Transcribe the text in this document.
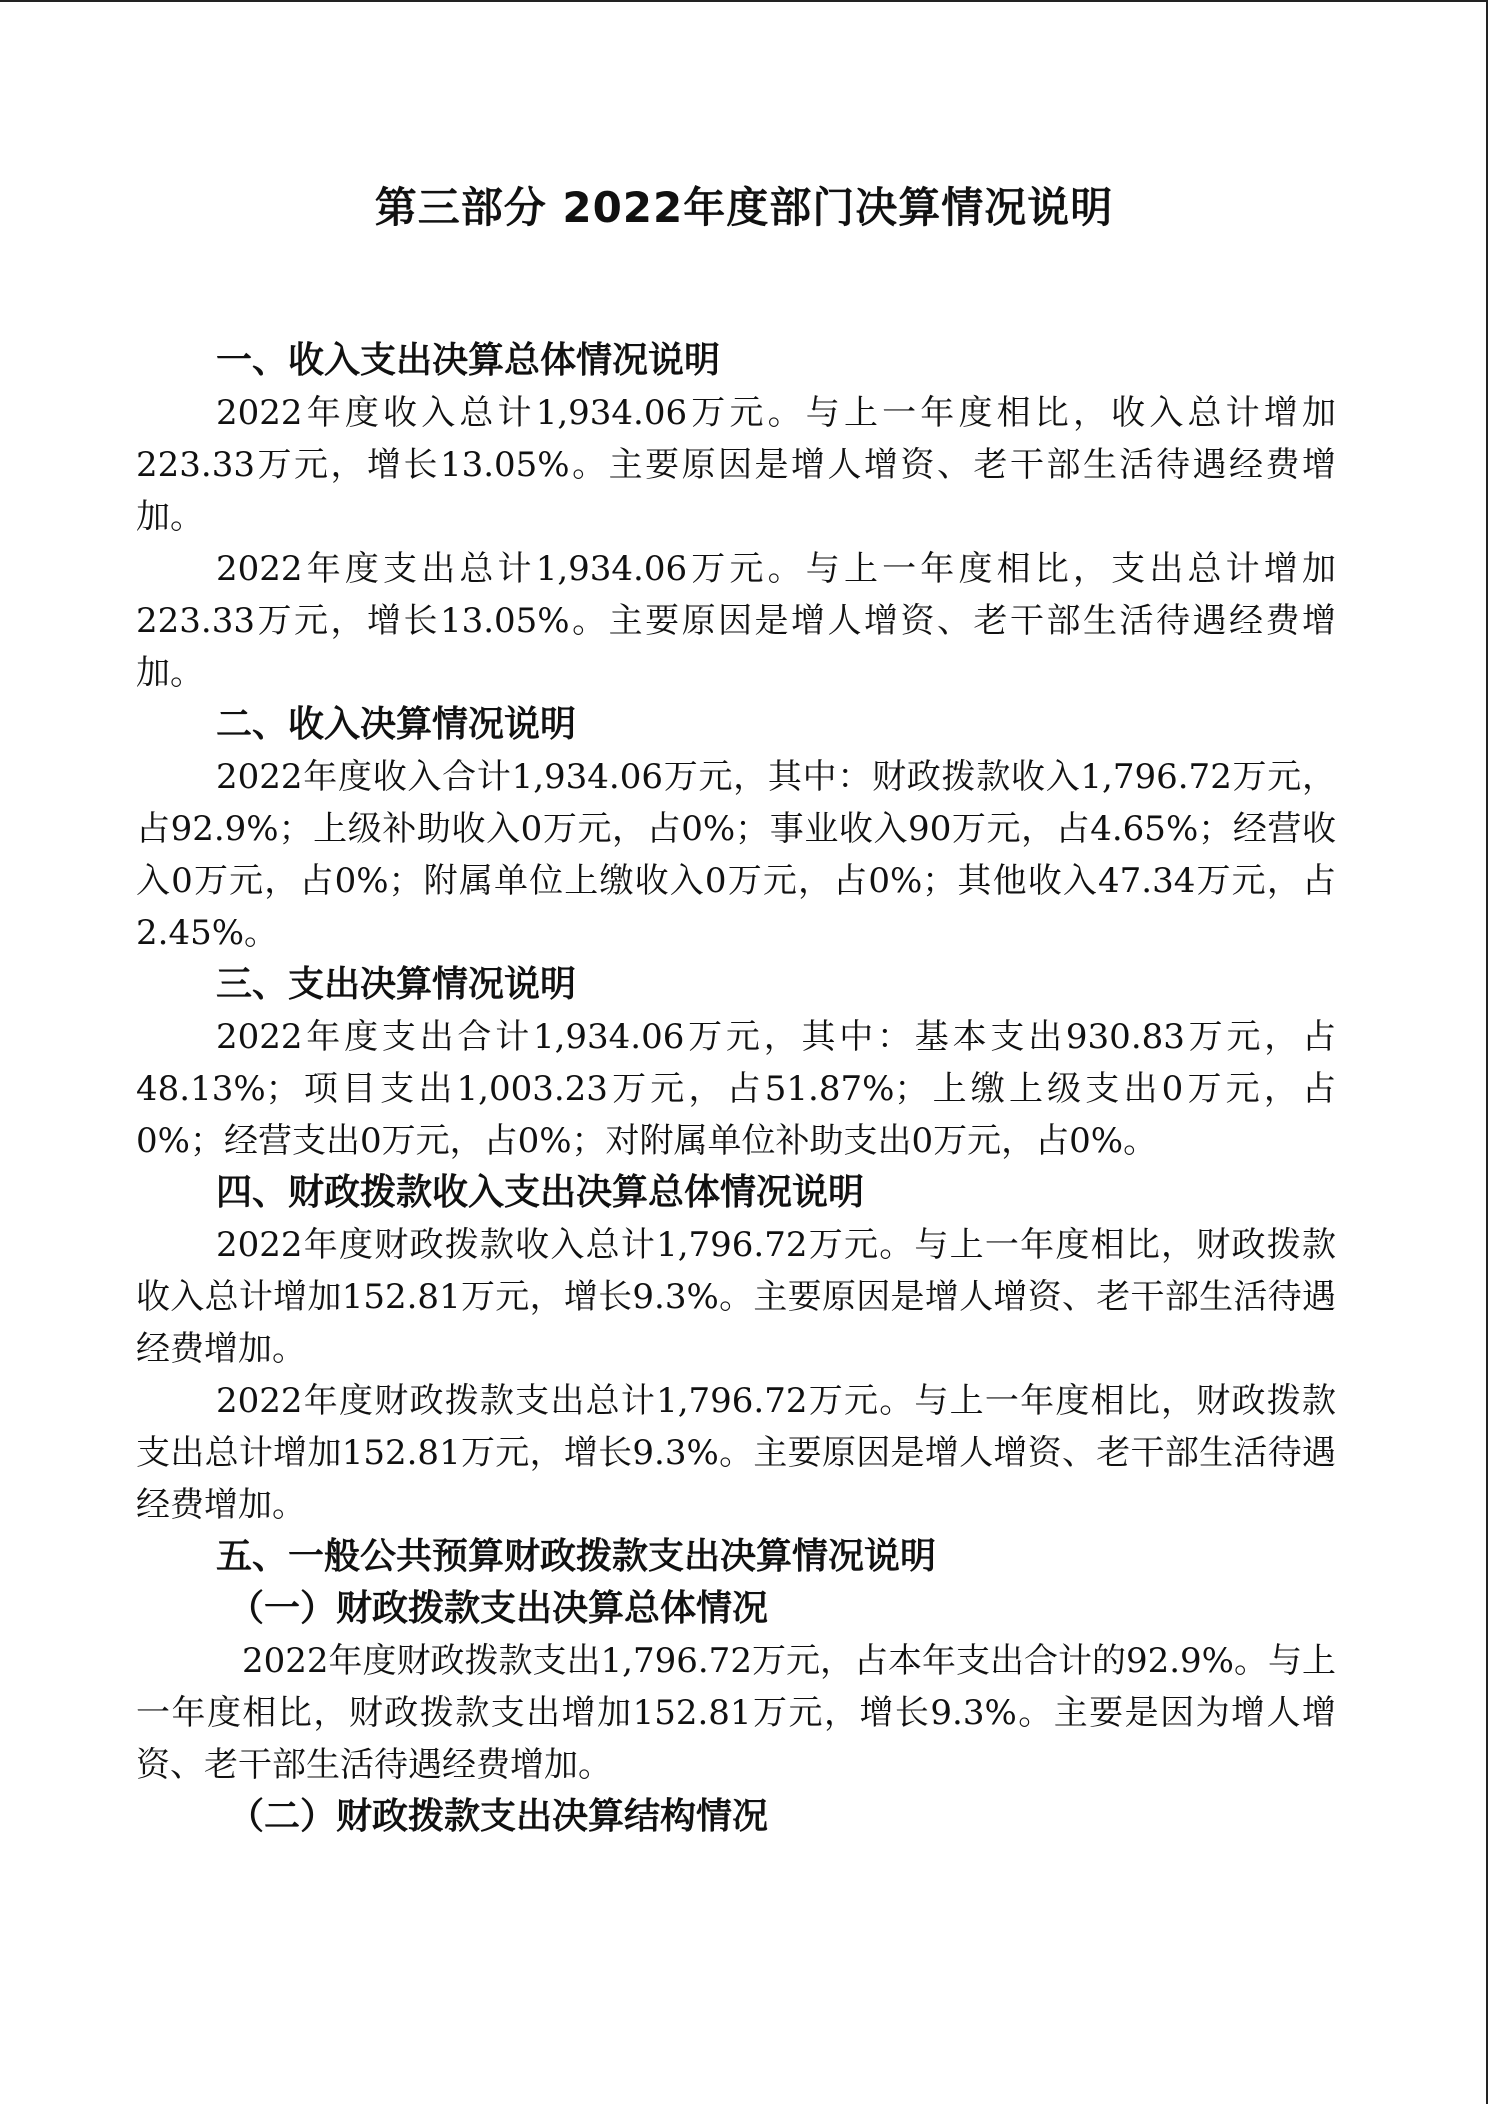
第三部分 2022年度部门决算情况说明
一、收入支出决算总体情况说明

2022年度收入总计1,934.06万元。与上一年度相比，收入总计增加223.33万元，增长13.05%。主要原因是增人增资、老干部生活待遇经费增加。

2022年度支出总计1,934.06万元。与上一年度相比，支出总计增加223.33万元，增长13.05%。主要原因是增人增资、老干部生活待遇经费增加。

二、收入决算情况说明

2022年度收入合计1,934.06万元，其中：财政拨款收入1,796.72万元，占92.9%；上级补助收入0万元，占0%；事业收入90万元，占4.65%；经营收入0万元，占0%；附属单位上缴收入0万元，占0%；其他收入47.34万元，占2.45%。

三、支出决算情况说明

2022年度支出合计1,934.06万元，其中：基本支出930.83万元，占48.13%；项目支出1,003.23万元，占51.87%；上缴上级支出0万元，占0%；经营支出0万元，占0%；对附属单位补助支出0万元，占0%。

四、财政拨款收入支出决算总体情况说明

2022年度财政拨款收入总计1,796.72万元。与上一年度相比，财政拨款收入总计增加152.81万元，增长9.3%。主要原因是增人增资、老干部生活待遇经费增加。

2022年度财政拨款支出总计1,796.72万元。与上一年度相比，财政拨款支出总计增加152.81万元，增长9.3%。主要原因是增人增资、老干部生活待遇经费增加。

五、一般公共预算财政拨款支出决算情况说明
（一）财政拨款支出决算总体情况

2022年度财政拨款支出1,796.72万元，占本年支出合计的92.9%。与上一年度相比，财政拨款支出增加152.81万元，增长9.3%。主要是因为增人增资、老干部生活待遇经费增加。

（二）财政拨款支出决算结构情况
